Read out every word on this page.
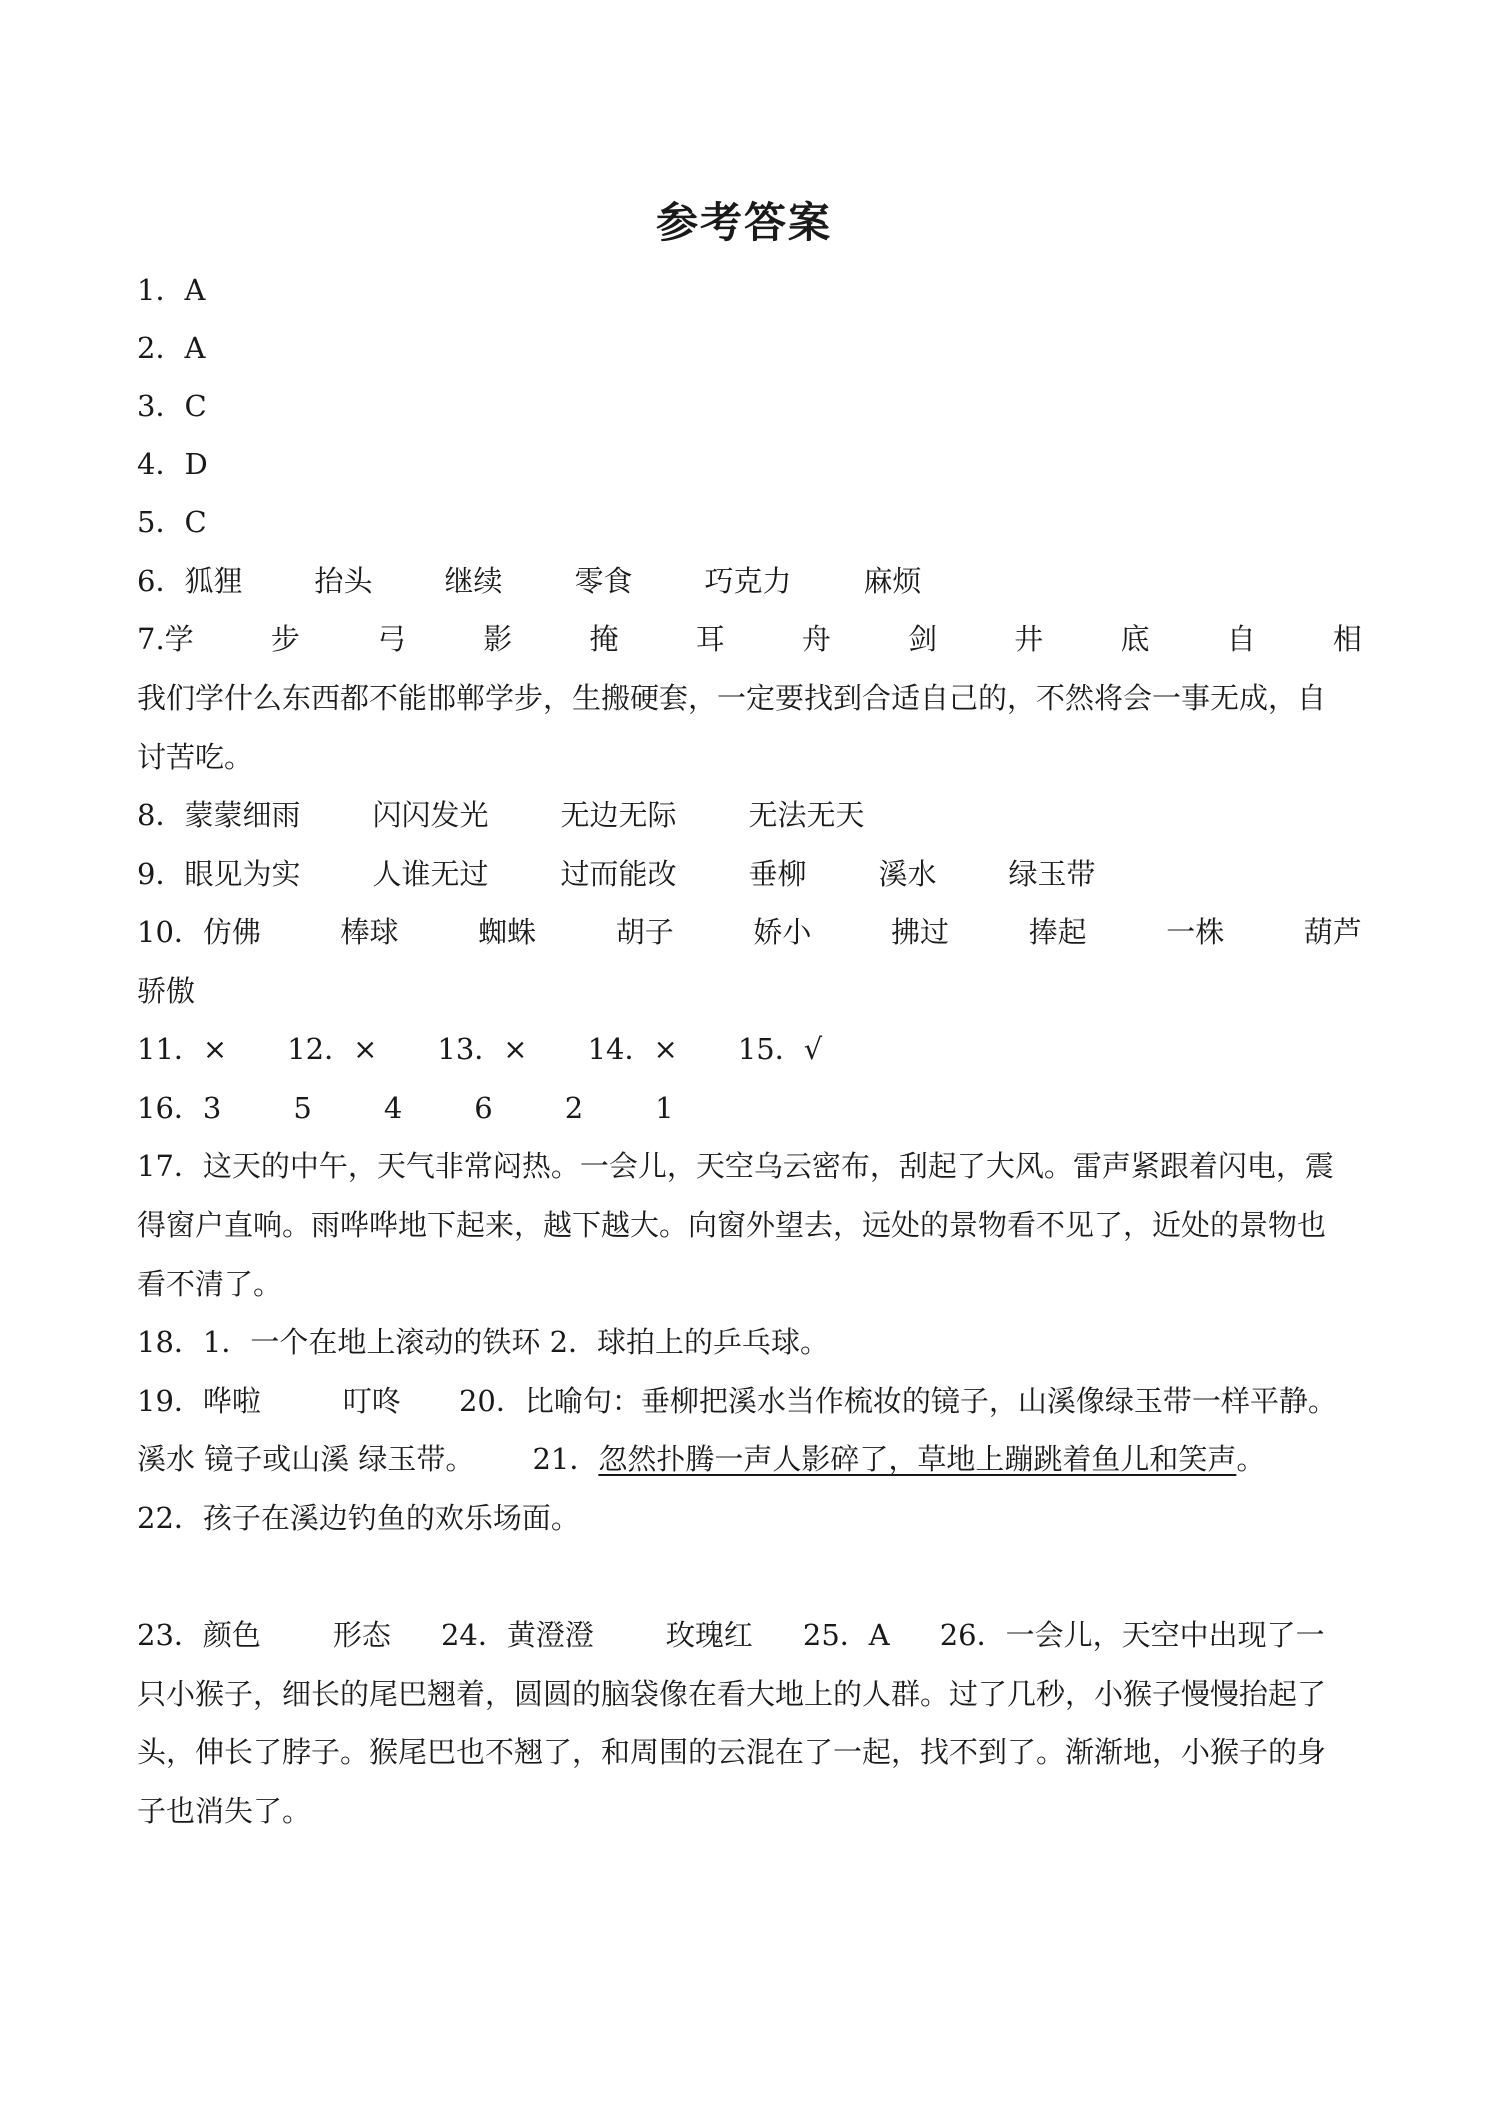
参考答案
1．A
2．A
3．C
4．D
5．C
6． 狐狸 抬头 继续 零食 巧克力 麻烦
7.学	步	弓	影	掩	耳	舟	剑	井	底	自	相
我们学什么东西都不能邯郸学步，生搬硬套，一定要找到合适自己的，不然将会一事无成，自
讨苦吃。
8． 蒙蒙细雨 闪闪发光 无边无际 无法无天
9． 眼见为实 人谁无过 过而能改 垂柳 溪水 绿玉带
10．仿佛	棒球	蜘蛛	胡子	娇小	拂过	捧起	一株	葫芦
骄傲
11．× 12．× 13．× 14．× 15．√
16． 3 5 4 6 2 1
17．这天的中午，天气非常闷热。一会儿，天空乌云密布，刮起了大风。雷声紧跟着闪电，震
得窗户直响。雨哗哗地下起来，越下越大。向窗外望去，远处的景物看不见了，近处的景物也
看不清了。
18．1．一个在地上滚动的铁环 2．球拍上的乒乓球。
19． 哗啦	叮咚 20．比喻句：垂柳把溪水当作梳妆的镜子，山溪像绿玉带一样平静。
溪水 镜子或山溪 绿玉带。 21． 忽然扑腾一声人影碎了，草地上蹦跳着鱼儿和笑声 。
22．孩子在溪边钓鱼的欢乐场面。
23． 颜色 形态 24． 黄澄澄 玫瑰红 25．A 26．一会儿，天空中出现了一
只小猴子，细长的尾巴翘着，圆圆的脑袋像在看大地上的人群。过了几秒，小猴子慢慢抬起了
头，伸长了脖子。猴尾巴也不翘了，和周围的云混在了一起，找不到了。渐渐地，小猴子的身
子也消失了。
